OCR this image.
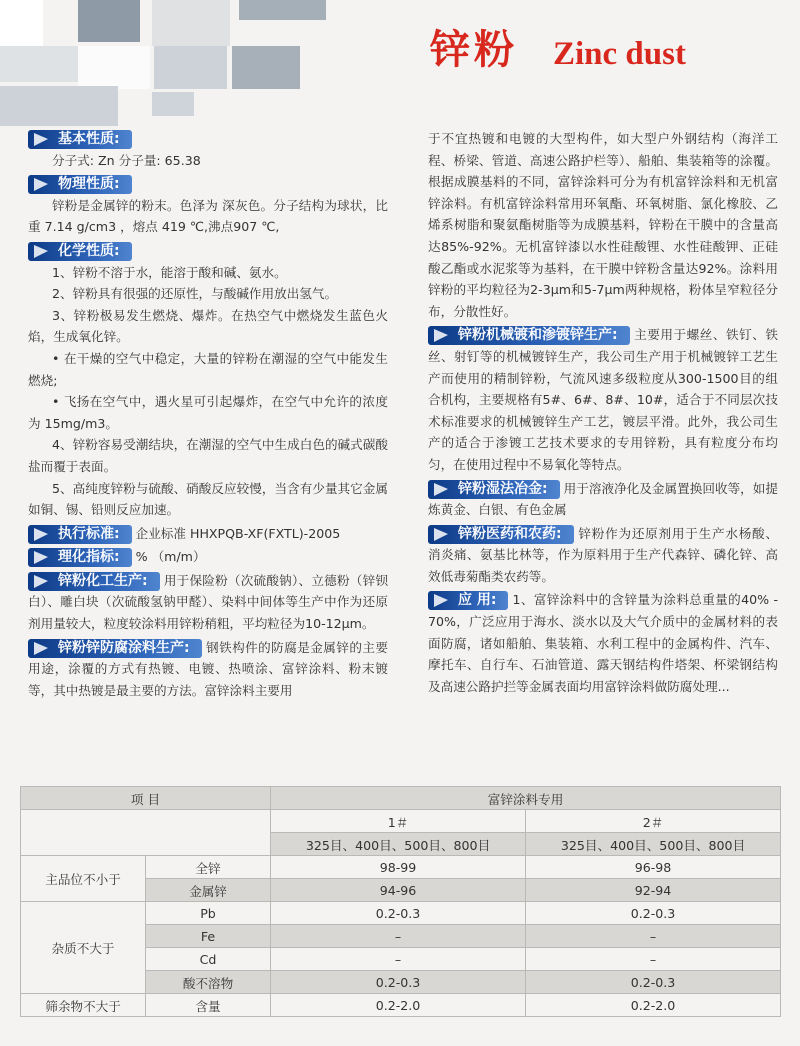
锌粉 Zinc dust
基本性质:

分子式: Zn 分子量: 65.38

物理性质:

锌粉是金属锌的粉末。色泽为 深灰色。分子结构为球状，比重 7.14 g/cm3 ，熔点 419 ℃,沸点907 ℃,

化学性质:

1、锌粉不溶于水，能溶于酸和碱、氨水。

2、锌粉具有很强的还原性，与酸碱作用放出氢气。

3、锌粉极易发生燃烧、爆炸。在热空气中燃烧发生蓝色火焰，生成氧化锌。

• 在干燥的空气中稳定，大量的锌粉在潮湿的空气中能发生燃烧;

• 飞扬在空气中，遇火星可引起爆炸，在空气中允许的浓度为 15mg/m3。

4、锌粉容易受潮结块，在潮湿的空气中生成白色的碱式碳酸盐而覆于表面。

5、高纯度锌粉与硫酸、硝酸反应较慢，当含有少量其它金属如铜、锡、铅则反应加速。

执行标准: 企业标准 HHXPQB-XF(FXTL)-2005
理化指标: % （m/m）

锌粉化工生产: 用于保险粉（次硫酸钠）、立德粉（锌钡白）、雕白块（次硫酸氢钠甲醛）、染料中间体等生产中作为还原剂用量较大，粒度较涂料用锌粉稍粗，平均粒径为10-12μm。

锌粉锌防腐涂料生产: 钢铁构件的防腐是金属锌的主要用途，涂覆的方式有热镀、电镀、热喷涂、富锌涂料、粉末镀等，其中热镀是最主要的方法。富锌涂料主要用

于不宜热镀和电镀的大型构件，如大型户外钢结构（海洋工程、桥梁、管道、高速公路护栏等）、船舶、集装箱等的涂覆。根据成膜基料的不同，富锌涂料可分为有机富锌涂料和无机富锌涂料。有机富锌涂料常用环氧酯、环氧树脂、氯化橡胶、乙烯系树脂和聚氨酯树脂等为成膜基料，锌粉在干膜中的含量高达85%-92%。无机富锌漆以水性硅酸锂、水性硅酸钾、正硅酸乙酯或水泥浆等为基料，在干膜中锌粉含量达92%。涂料用锌粉的平均粒径为2-3μm和5-7μm两种规格，粉体呈窄粒径分布，分散性好。

锌粉机械镀和渗镀锌生产: 主要用于螺丝、铁钉、铁丝、射钉等的机械镀锌生产，我公司生产用于机械镀锌工艺生产而使用的精制锌粉，气流风速多级粒度从300-1500目的组合机构，主要规格有5#、6#、8#、10#，适合于不同层次技术标准要求的机械镀锌生产工艺，镀层平滑。此外，我公司生产的适合于渗镀工艺技术要求的专用锌粉，具有粒度分布均匀，在使用过程中不易氧化等特点。

锌粉湿法冶金: 用于溶液净化及金属置换回收等，如提炼黄金、白银、有色金属

锌粉医药和农药: 锌粉作为还原剂用于生产水杨酸、消炎痛、氨基比林等，作为原料用于生产代森锌、磷化锌、高效低毒菊酯类农药等。

应 用: 1、富锌涂料中的含锌量为涂料总重量的40% - 70%，广泛应用于海水、淡水以及大气介质中的金属材料的表面防腐，诸如船舶、集装箱、水利工程中的金属构件、汽车、摩托车、自行车、石油管道、露天钢结构件塔架、杯梁钢结构及高速公路护拦等金属表面均用富锌涂料做防腐处理...

项 目		富锌涂料专用	
		1＃	2＃
		325目、400目、500目、800目	325目、400目、500目、800目
主品位不小于	全锌	98-99	96-98
	金属锌	94-96	92-94
杂质不大于	Pb	0.2-0.3	0.2-0.3
	Fe	–	–
	Cd	–	–
	酸不溶物	0.2-0.3	0.2-0.3
筛余物不大于	含量	0.2-2.0	0.2-2.0
